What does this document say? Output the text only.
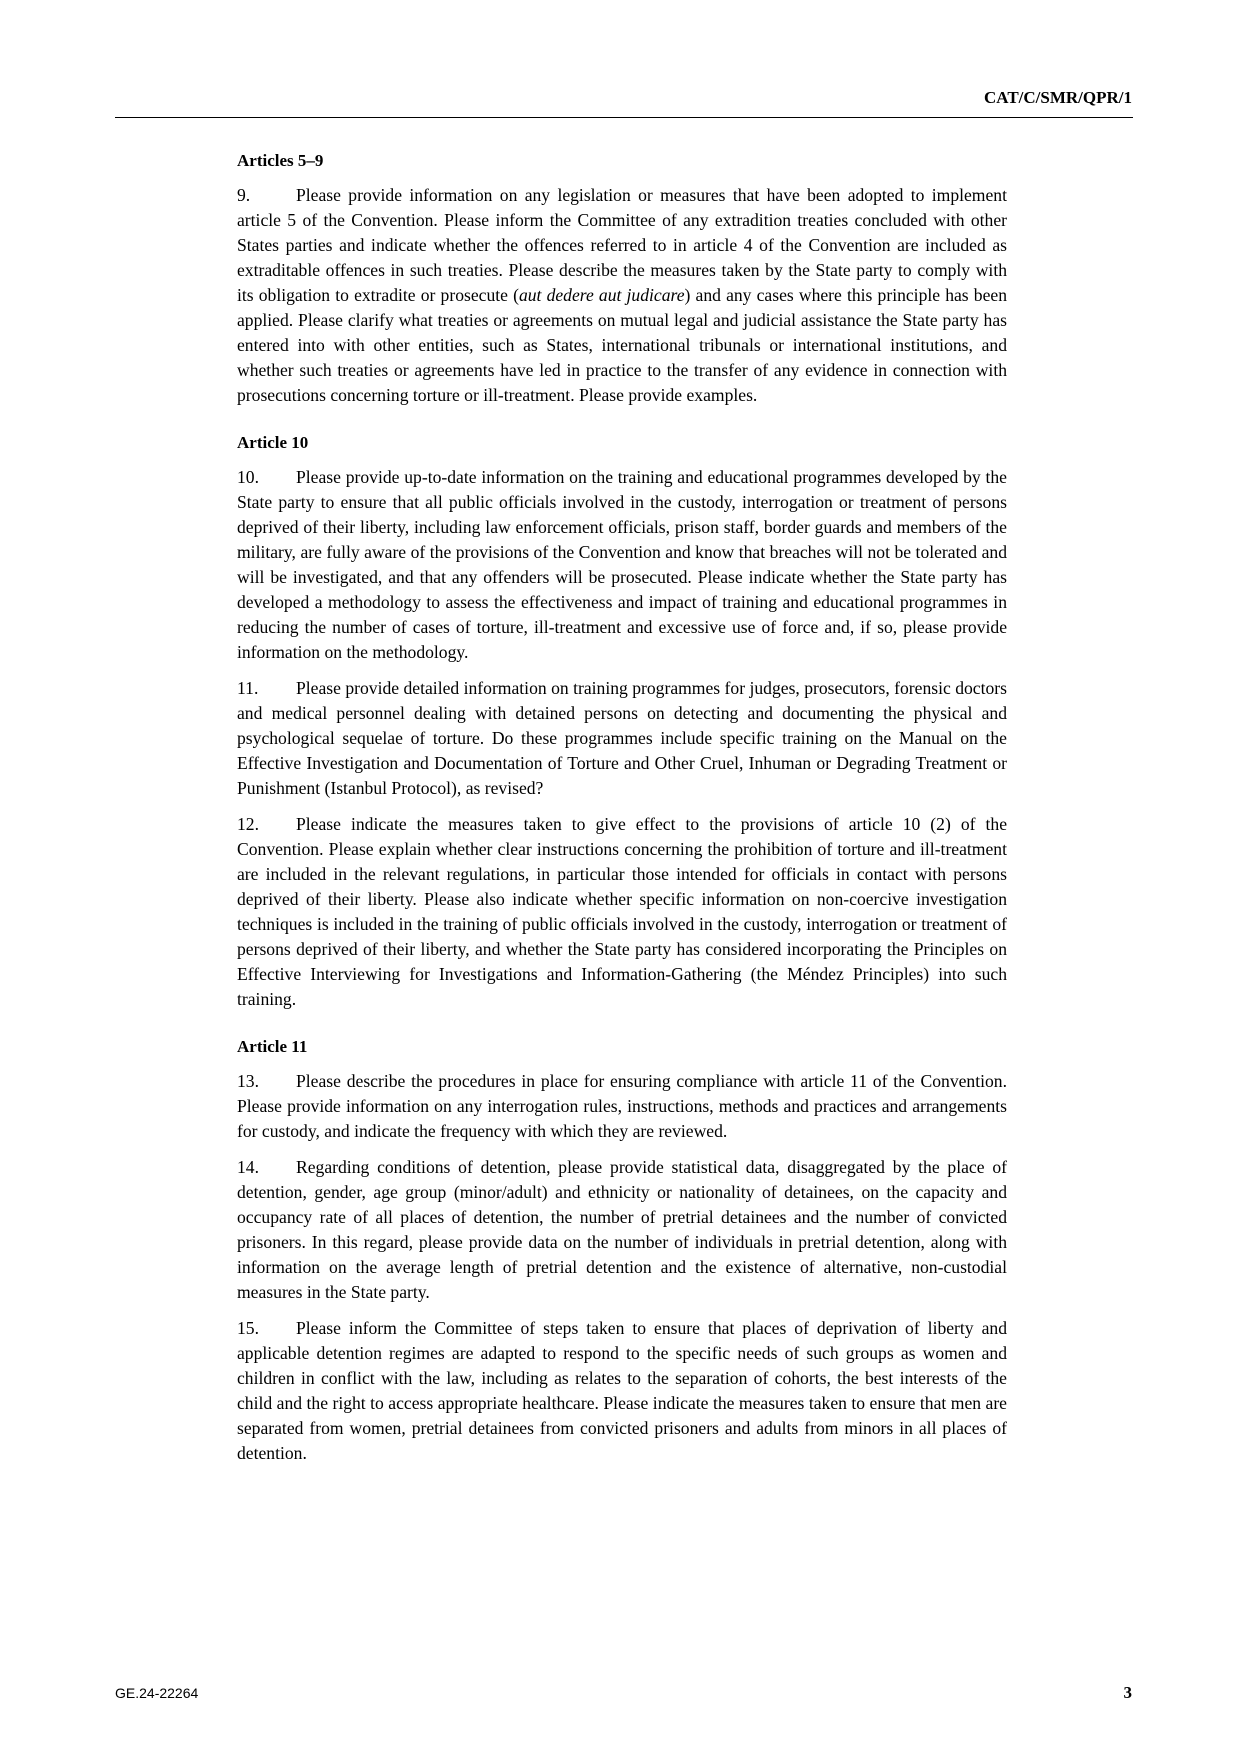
CAT/C/SMR/QPR/1
Articles 5–9
9.	Please provide information on any legislation or measures that have been adopted to implement article 5 of the Convention. Please inform the Committee of any extradition treaties concluded with other States parties and indicate whether the offences referred to in article 4 of the Convention are included as extraditable offences in such treaties. Please describe the measures taken by the State party to comply with its obligation to extradite or prosecute (aut dedere aut judicare) and any cases where this principle has been applied. Please clarify what treaties or agreements on mutual legal and judicial assistance the State party has entered into with other entities, such as States, international tribunals or international institutions, and whether such treaties or agreements have led in practice to the transfer of any evidence in connection with prosecutions concerning torture or ill-treatment. Please provide examples.
Article 10
10. Please provide up-to-date information on the training and educational programmes developed by the State party to ensure that all public officials involved in the custody, interrogation or treatment of persons deprived of their liberty, including law enforcement officials, prison staff, border guards and members of the military, are fully aware of the provisions of the Convention and know that breaches will not be tolerated and will be investigated, and that any offenders will be prosecuted. Please indicate whether the State party has developed a methodology to assess the effectiveness and impact of training and educational programmes in reducing the number of cases of torture, ill-treatment and excessive use of force and, if so, please provide information on the methodology.
11. Please provide detailed information on training programmes for judges, prosecutors, forensic doctors and medical personnel dealing with detained persons on detecting and documenting the physical and psychological sequelae of torture. Do these programmes include specific training on the Manual on the Effective Investigation and Documentation of Torture and Other Cruel, Inhuman or Degrading Treatment or Punishment (Istanbul Protocol), as revised?
12. Please indicate the measures taken to give effect to the provisions of article 10 (2) of the Convention. Please explain whether clear instructions concerning the prohibition of torture and ill-treatment are included in the relevant regulations, in particular those intended for officials in contact with persons deprived of their liberty. Please also indicate whether specific information on non-coercive investigation techniques is included in the training of public officials involved in the custody, interrogation or treatment of persons deprived of their liberty, and whether the State party has considered incorporating the Principles on Effective Interviewing for Investigations and Information-Gathering (the Méndez Principles) into such training.
Article 11
13. Please describe the procedures in place for ensuring compliance with article 11 of the Convention. Please provide information on any interrogation rules, instructions, methods and practices and arrangements for custody, and indicate the frequency with which they are reviewed.
14. Regarding conditions of detention, please provide statistical data, disaggregated by the place of detention, gender, age group (minor/adult) and ethnicity or nationality of detainees, on the capacity and occupancy rate of all places of detention, the number of pretrial detainees and the number of convicted prisoners. In this regard, please provide data on the number of individuals in pretrial detention, along with information on the average length of pretrial detention and the existence of alternative, non-custodial measures in the State party.
15. Please inform the Committee of steps taken to ensure that places of deprivation of liberty and applicable detention regimes are adapted to respond to the specific needs of such groups as women and children in conflict with the law, including as relates to the separation of cohorts, the best interests of the child and the right to access appropriate healthcare. Please indicate the measures taken to ensure that men are separated from women, pretrial detainees from convicted prisoners and adults from minors in all places of detention.
GE.24-22264	3
